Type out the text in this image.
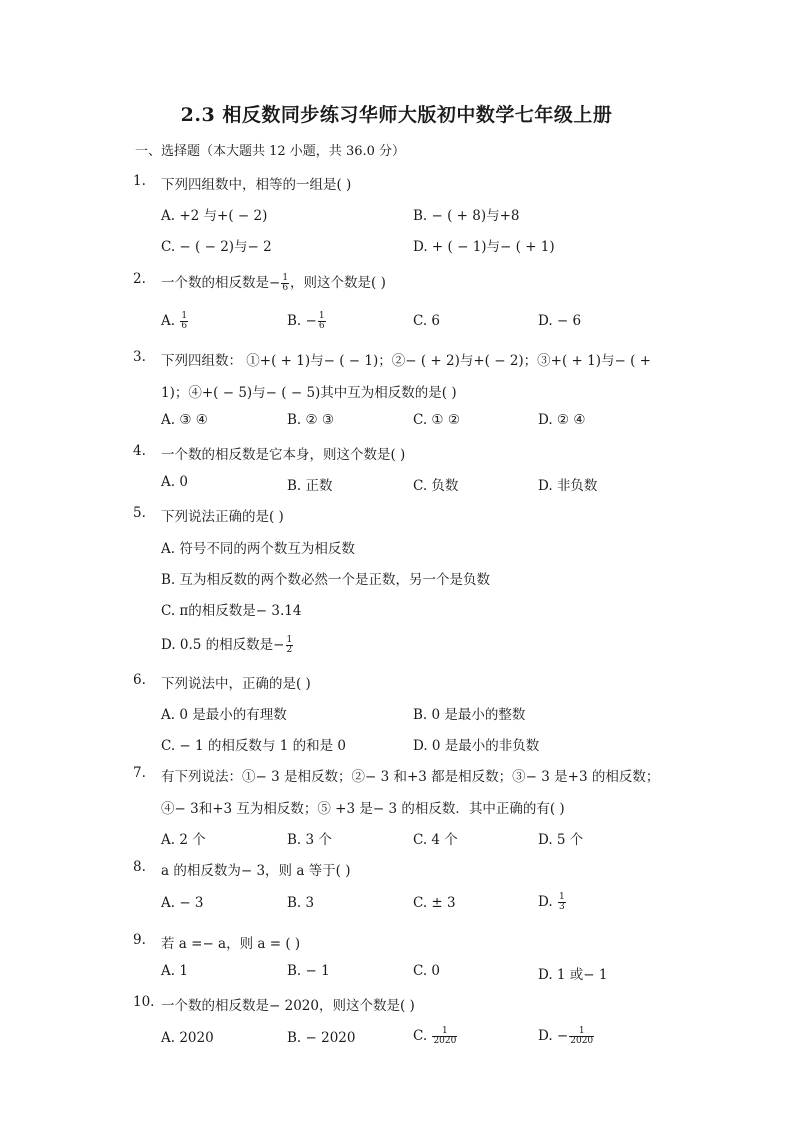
2.3 相反数同步练习华师大版初中数学七年级上册
一、选择题（本大题共 12 小题，共 36.0 分）
1. 下列四组数中，相等的一组是( )
A. +2 与+( − 2)	B. − ( + 8)与+8
C. − ( − 2)与− 2	D. + ( − 1)与− ( + 1)
2. 一个数的相反数是− $\frac{1}{6}$ ，则这个数是( )
A. $\frac{1}{6}$	B. − $\frac{1}{6}$	C. 6	D. − 6
3. 下列四组数： ①+( + 1)与− ( − 1)；②− ( + 2)与+( − 2)；③+( + 1)与− ( +
1)；④+( − 5)与− ( − 5)其中互为相反数的是( )
A. ③ ④	B. ② ③	C. ① ②	D. ② ④
4. 一个数的相反数是它本身，则这个数是( )
A. 0	B. 正数	C. 负数	D. 非负数
5. 下列说法正确的是( )
A. 符号不同的两个数互为相反数
B. 互为相反数的两个数必然一个是正数，另一个是负数
C. π的相反数是− 3.14
D. 0.5 的相反数是− $\frac{1}{2}$
6. 下列说法中，正确的是( )
A. 0 是最小的有理数	B. 0 是最小的整数
C. − 1 的相反数与 1 的和是 0	D. 0 是最小的非负数
7. 有下列说法：①− 3 是相反数；②− 3 和+3 都是相反数；③− 3 是+3 的相反数；
④− 3和+3 互为相反数；⑤ +3 是− 3 的相反数．其中正确的有( )
A. 2 个	B. 3 个	C. 4 个	D. 5 个
8. a 的相反数为− 3，则 a 等于( )
A. − 3	B. 3	C. ± 3	D. $\frac{1}{3}$
9. 若 a =− a，则 a = ( )
A. 1	B. − 1	C. 0	D. 1 或− 1
10. 一个数的相反数是− 2020，则这个数是( )
A. 2020	B. − 2020	C. $\frac{1}{2020}$	D. − $\frac{1}{2020}$
